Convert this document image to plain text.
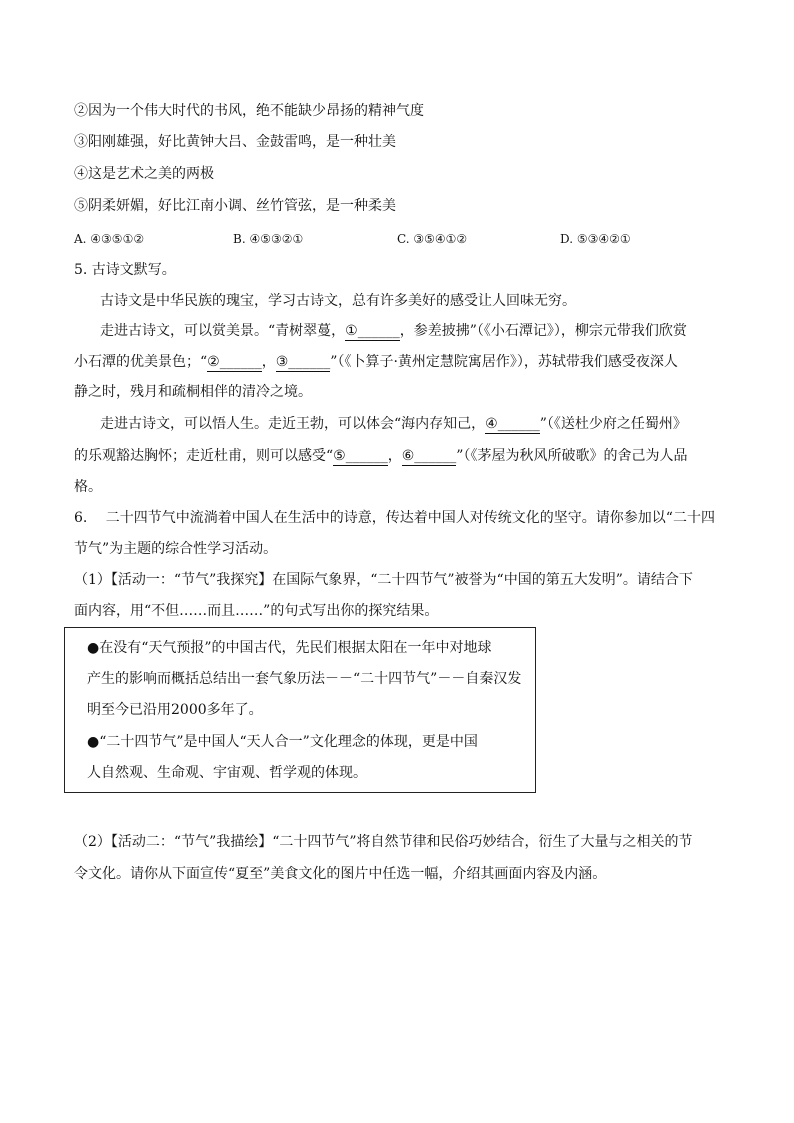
②因为一个伟大时代的书风，绝不能缺少昂扬的精神气度
③阳刚雄强，好比黄钟大吕、金鼓雷鸣，是一种壮美
④这是艺术之美的两极
⑤阴柔妍媚，好比江南小调、丝竹管弦，是一种柔美
A. ④③⑤①②	B. ④⑤③②①	C. ③⑤④①②	D. ⑤③④②①
5. 古诗文默写。
古诗文是中华民族的瑰宝，学习古诗文，总有许多美好的感受让人回味无穷。
走进古诗文，可以赏美景。“青树翠蔓，①______，参差披拂”（《小石潭记》），柳宗元带我们欣赏
小石潭的优美景色；“②______，③______”（《卜算子·黄州定慧院寓居作》），苏轼带我们感受夜深人
静之时，残月和疏桐相伴的清冷之境。
走进古诗文，可以悟人生。走近王勃，可以体会“海内存知己，④______”（《送杜少府之任蜀州》
的乐观豁达胸怀；走近杜甫，则可以感受“⑤______，⑥______”（《茅屋为秋风所破歌》的舍己为人品
格。
6.　 二十四节气中流淌着中国人在生活中的诗意，传达着中国人对传统文化的坚守。请你参加以“二十四
节气”为主题的综合性学习活动。
（1）【活动一：“节气”我探究】在国际气象界，“二十四节气”被誉为“中国的第五大发明”。请结合下
面内容，用“不但……而且……”的句式写出你的探究结果。
●在没有“天气预报”的中国古代，先民们根据太阳在一年中对地球
产生的影响而概括总结出一套气象历法－－“二十四节气”－－自秦汉发
明至今已沿用2000多年了。
●“二十四节气”是中国人“天人合一”文化理念的体现，更是中国
人自然观、生命观、宇宙观、哲学观的体现。
（2）【活动二：“节气”我描绘】“二十四节气”将自然节律和民俗巧妙结合，衍生了大量与之相关的节
令文化。请你从下面宣传“夏至”美食文化的图片中任选一幅，介绍其画面内容及内涵。
